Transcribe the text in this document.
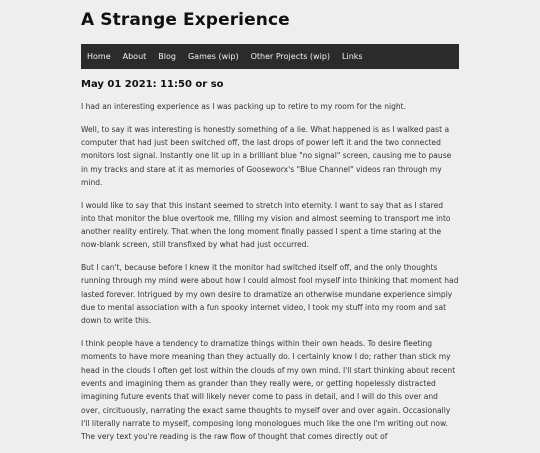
A Strange Experience
Home	About	Blog	Games (wip)	Other Projects (wip)	Links
May 01 2021: 11:50 or so

I had an interesting experience as I was packing up to retire to my room for the night.

Well, to say it was interesting is honestly something of a lie. What happened is as I walked past a computer that had just been switched off, the last drops of power left it and the two connected monitors lost signal. Instantly one lit up in a brilliant blue "no signal" screen, causing me to pause in my tracks and stare at it as memories of Gooseworx's "Blue Channel" videos ran through my mind.

I would like to say that this instant seemed to stretch into eternity. I want to say that as I stared into that monitor the blue overtook me, filling my vision and almost seeming to transport me into another reality entirely. That when the long moment finally passed I spent a time staring at the now-blank screen, still transfixed by what had just occurred.

But I can't, because before I knew it the monitor had switched itself off, and the only thoughts running through my mind were about how I could almost fool myself into thinking that moment had lasted forever. Intrigued by my own desire to dramatize an otherwise mundane experience simply due to mental association with a fun spooky internet video, I took my stuff into my room and sat down to write this.

I think people have a tendency to dramatize things within their own heads. To desire fleeting moments to have more meaning than they actually do. I certainly know I do; rather than stick my head in the clouds I often get lost within the clouds of my own mind. I'll start thinking about recent events and imagining them as grander than they really were, or getting hopelessly distracted imagining future events that will likely never come to pass in detail, and I will do this over and over, circituously, narrating the exact same thoughts to myself over and over again. Occasionally I'll literally narrate to myself, composing long monologues much like the one I'm writing out now. The very text you're reading is the raw flow of thought that comes directly out of
